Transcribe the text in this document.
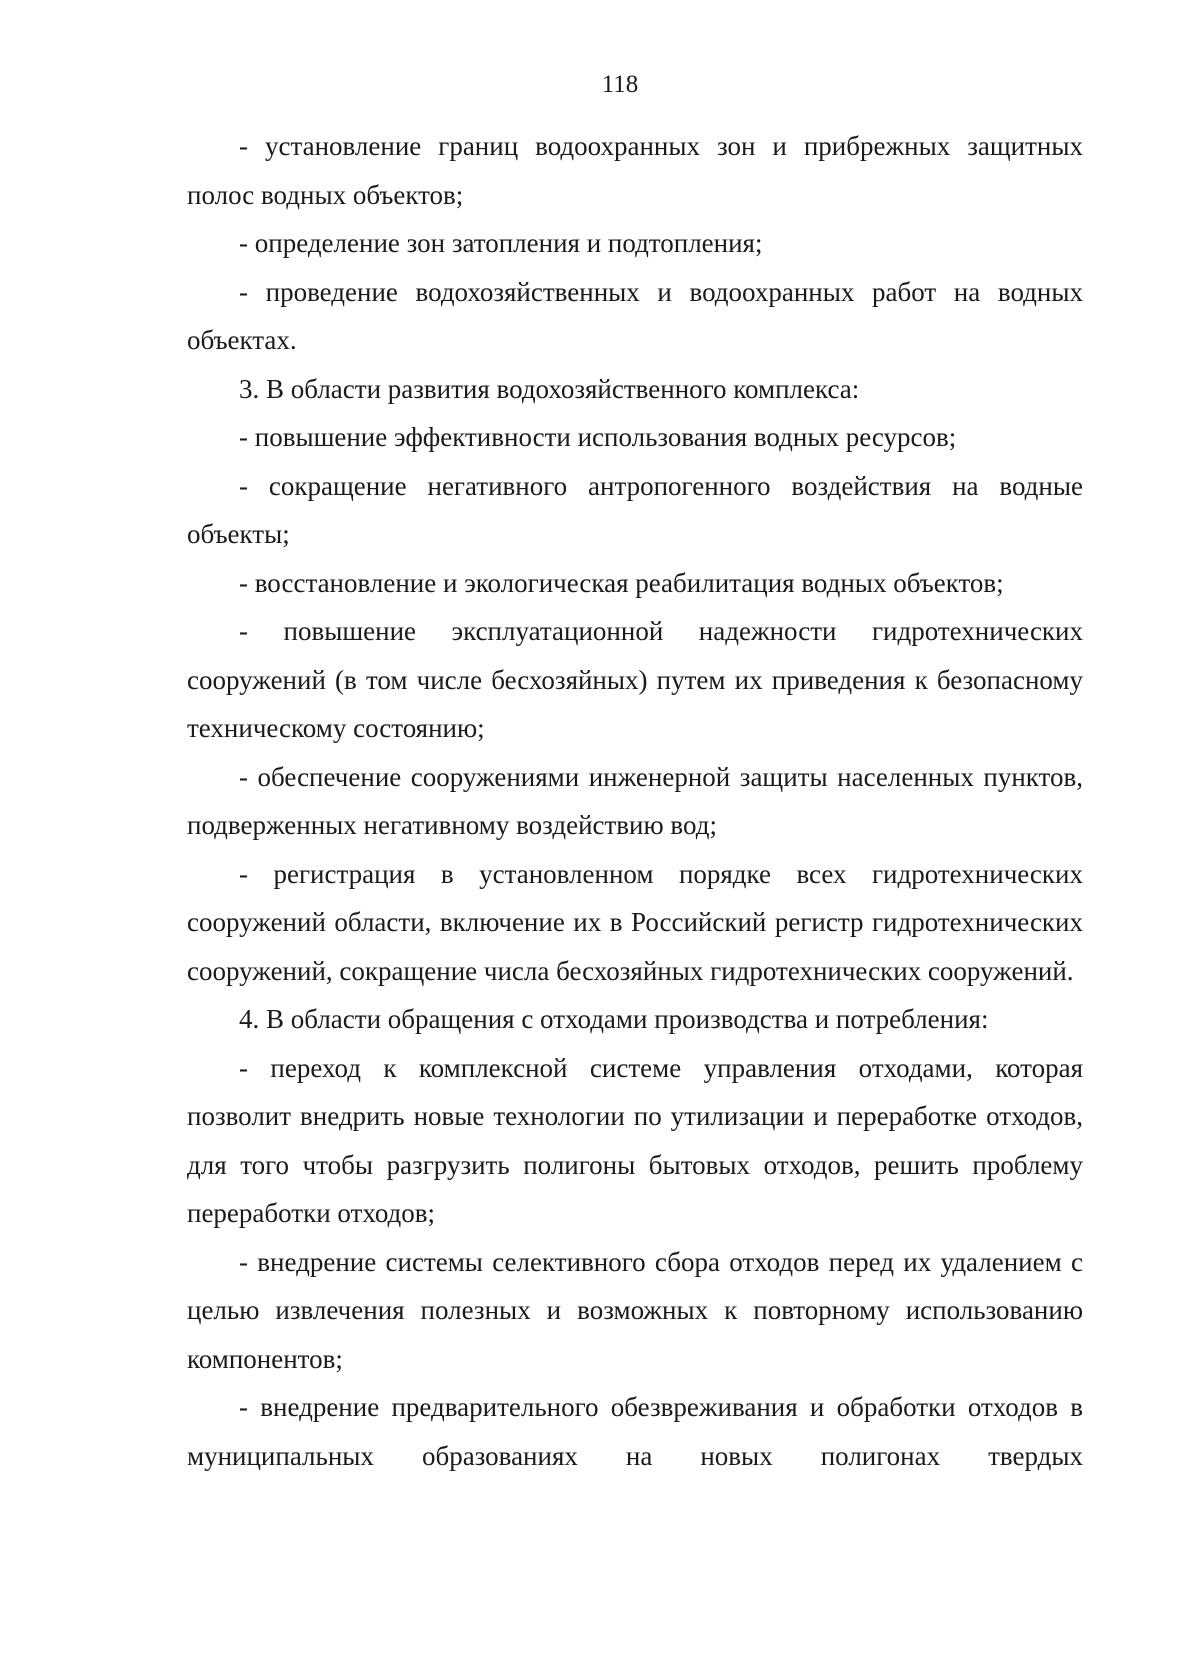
118

- установление границ водоохранных зон и прибрежных защитных полос водных объектов;

- определение зон затопления и подтопления;

- проведение водохозяйственных и водоохранных работ на водных объектах.

3. В области развития водохозяйственного комплекса:

- повышение эффективности использования водных ресурсов;

- сокращение негативного антропогенного воздействия на водные объекты;

- восстановление и экологическая реабилитация водных объектов;

- повышение эксплуатационной надежности гидротехнических сооружений (в том числе бесхозяйных) путем их приведения к безопасному техническому состоянию;

- обеспечение сооружениями инженерной защиты населенных пунктов, подверженных негативному воздействию вод;

- регистрация в установленном порядке всех гидротехнических сооружений области, включение их в Российский регистр гидротехнических сооружений, сокращение числа бесхозяйных гидротехнических сооружений.

4. В области обращения с отходами производства и потребления:

- переход к комплексной системе управления отходами, которая позволит внедрить новые технологии по утилизации и переработке отходов, для того чтобы разгрузить полигоны бытовых отходов, решить проблему переработки отходов;

- внедрение системы селективного сбора отходов перед их удалением с целью извлечения полезных и возможных к повторному использованию компонентов;

- внедрение предварительного обезвреживания и обработки отходов в муниципальных образованиях на новых полигонах твердых
